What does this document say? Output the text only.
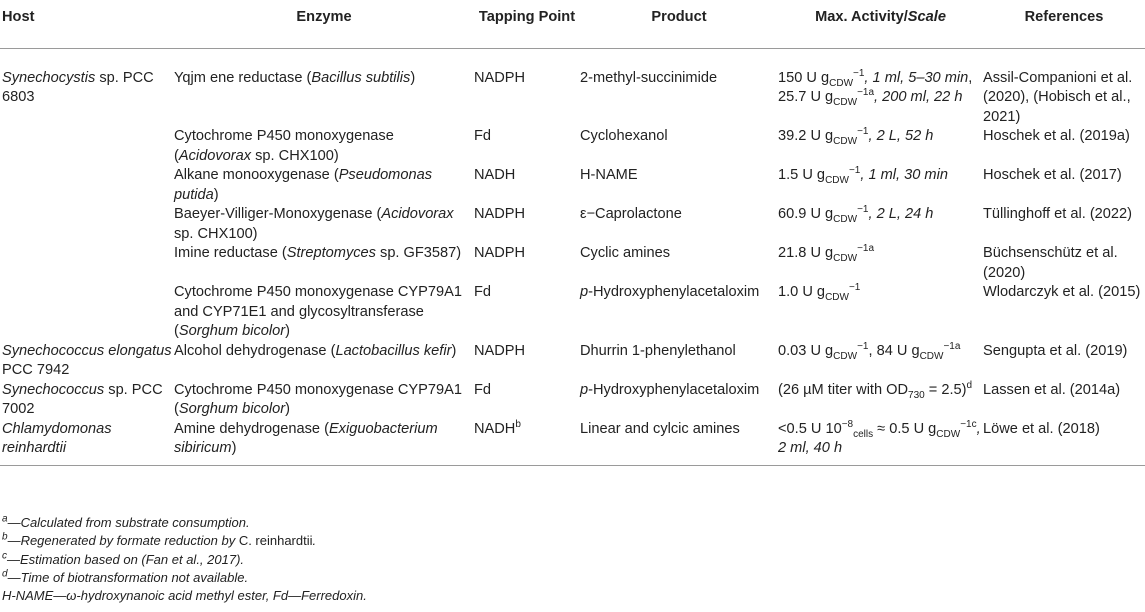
Host	Enzyme	Tapping Point	Product	Max. Activity/Scale	References
Synechocystis sp. PCC 6803	Yqjm ene reductase (Bacillus subtilis)	NADPH	2-methyl-succinimide	150 U $g_{CDW}^{-1}$, 1 ml, 5–30 min, 25.7 U $g_{CDW}^{-1a}$, 200 ml, 22 h	Assil-Companioni et al. (2020), (Hobisch et al., 2021)
	Cytochrome P450 monoxygenase (Acidovorax sp. CHX100)	Fd	Cyclohexanol	39.2 U $g_{CDW}^{-1}$, 2 L, 52 h	Hoschek et al. (2019a)
	Alkane monooxygenase (Pseudomonas putida)	NADH	H-NAME	1.5 U $g_{CDW}^{-1}$, 1 ml, 30 min	Hoschek et al. (2017)
	Baeyer-Villiger-Monoxygenase (Acidovorax sp. CHX100)	NADPH	ε−Caprolactone	60.9 U $g_{CDW}^{-1}$, 2 L, 24 h	Tüllinghoff et al. (2022)
	Imine reductase (Streptomyces sp. GF3587)	NADPH	Cyclic amines	21.8 U $g_{CDW}^{-1a}$	Büchsenschütz et al. (2020)
	Cytochrome P450 monoxygenase CYP79A1 and CYP71E1 and glycosyltransferase (Sorghum bicolor)	Fd	p-Hydroxyphenylacetaloxim	1.0 U $g_{CDW}^{-1}$	Wlodarczyk et al. (2015)
Synechococcus elongatus PCC 7942	Alcohol dehydrogenase (Lactobacillus kefir)	NADPH	Dhurrin 1-phenylethanol	0.03 U $g_{CDW}^{-1}$, 84 U $g_{CDW}^{-1a}$	Sengupta et al. (2019)
Synechococcus sp. PCC 7002	Cytochrome P450 monoxygenase CYP79A1 (Sorghum bicolor)	Fd	p-Hydroxyphenylacetaloxim	(26 µM titer with $OD_{730} = 2.5)^d$	Lassen et al. (2014a)
Chlamydomonas reinhardtii	Amine dehydrogenase (Exiguobacterium sibiricum)	NADH$^b$	Linear and cylcic amines	<0.5 U $10^{-8}_{cells} \approx 0.5$ U $g_{CDW}^{-1c}$, 2 ml, 40 h	Löwe et al. (2018)
$^a$—Calculated from substrate consumption.
$^b$—Regenerated by formate reduction by C. reinhardtii.
$^c$—Estimation based on (Fan et al., 2017).
$^d$—Time of biotransformation not available.
H-NAME—ω-hydroxynanoic acid methyl ester, Fd—Ferredoxin.
